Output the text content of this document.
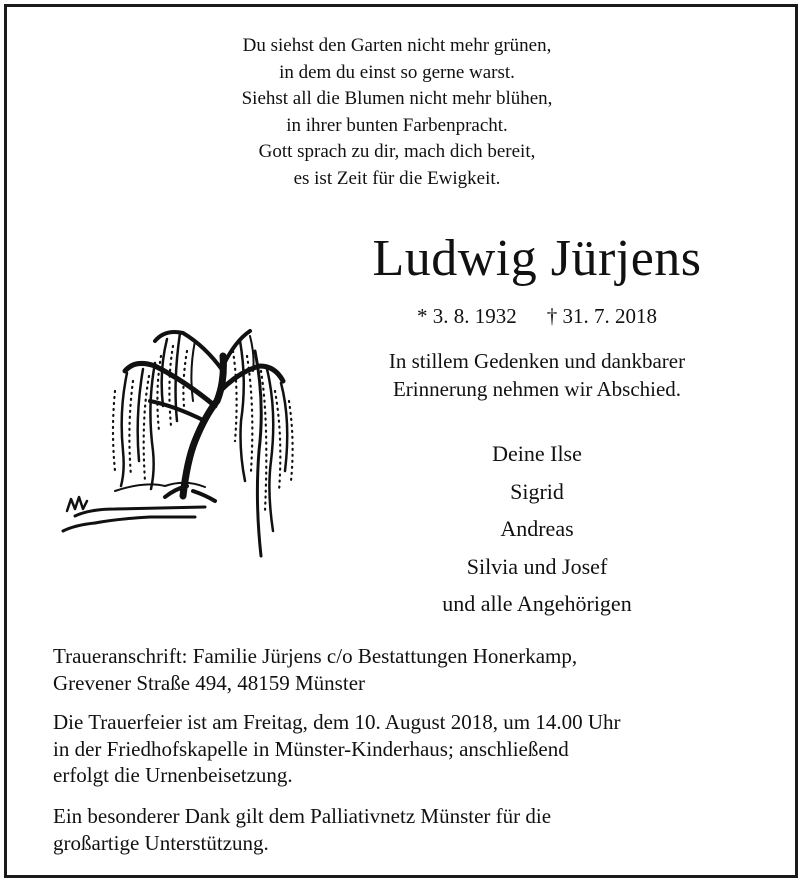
Du siehst den Garten nicht mehr grünen,
in dem du einst so gerne warst.
Siehst all die Blumen nicht mehr blühen,
in ihrer bunten Farbenpracht.
Gott sprach zu dir, mach dich bereit,
es ist Zeit für die Ewigkeit.
Ludwig Jürjens
* 3. 8. 1932 † 31. 7. 2018
In stillem Gedenken und dankbarer
Erinnerung nehmen wir Abschied.
Deine Ilse
Sigrid
Andreas
Silvia und Josef
und alle Angehörigen
Traueranschrift: Familie Jürjens c/o Bestattungen Honerkamp,
Grevener Straße 494, 48159 Münster
Die Trauerfeier ist am Freitag, dem 10. August 2018, um 14.00 Uhr
in der Friedhofskapelle in Münster-Kinderhaus; anschließend
erfolgt die Urnenbeisetzung.
Ein besonderer Dank gilt dem Palliativnetz Münster für die
großartige Unterstützung.
